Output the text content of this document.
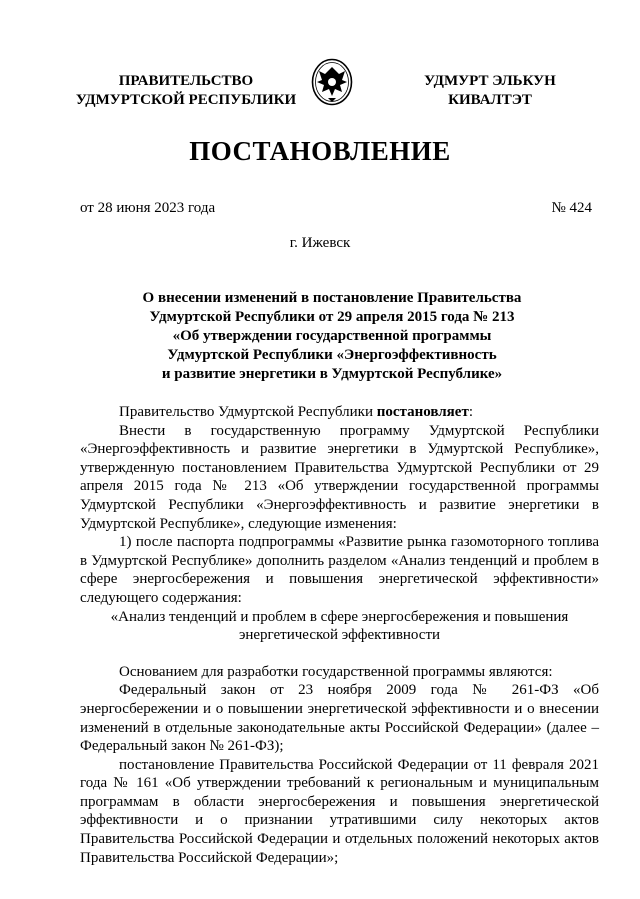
ПРАВИТЕЛЬСТВО
УДМУРТСКОЙ РЕСПУБЛИКИ
УДМУРТ ЭЛЬКУН
КИВАЛТЭТ
ПОСТАНОВЛЕНИЕ
от 28 июня 2023 года	№ 424
г. Ижевск
О внесении изменений в постановление Правительства
Удмуртской Республики от 29 апреля 2015 года № 213
«Об утверждении государственной программы
Удмуртской Республики «Энергоэффективность
и развитие энергетики в Удмуртской Республике»

Правительство Удмуртской Республики постановляет:

Внести в государственную программу Удмуртской Республики «Энергоэффективность и развитие энергетики в Удмуртской Республике», утвержденную постановлением Правительства Удмуртской Республики от 29 апреля 2015 года № 213 «Об утверждении государственной программы Удмуртской Республики «Энергоэффективность и развитие энергетики в Удмуртской Республике», следующие изменения:

1) после паспорта подпрограммы «Развитие рынка газомоторного топлива в Удмуртской Республике» дополнить разделом «Анализ тенденций и проблем в сфере энергосбережения и повышения энергетической эффективности» следующего содержания:

«Анализ тенденций и проблем в сфере энергосбережения и повышения

энергетической эффективности

Основанием для разработки государственной программы являются:

Федеральный закон от 23 ноября 2009 года № 261-ФЗ «Об энергосбережении и о повышении энергетической эффективности и о внесении изменений в отдельные законодательные акты Российской Федерации» (далее – Федеральный закон № 261-ФЗ);

постановление Правительства Российской Федерации от 11 февраля 2021 года № 161 «Об утверждении требований к региональным и муниципальным программам в области энергосбережения и повышения энергетической эффективности и о признании утратившими силу некоторых актов Правительства Российской Федерации и отдельных положений некоторых актов Правительства Российской Федерации»;
